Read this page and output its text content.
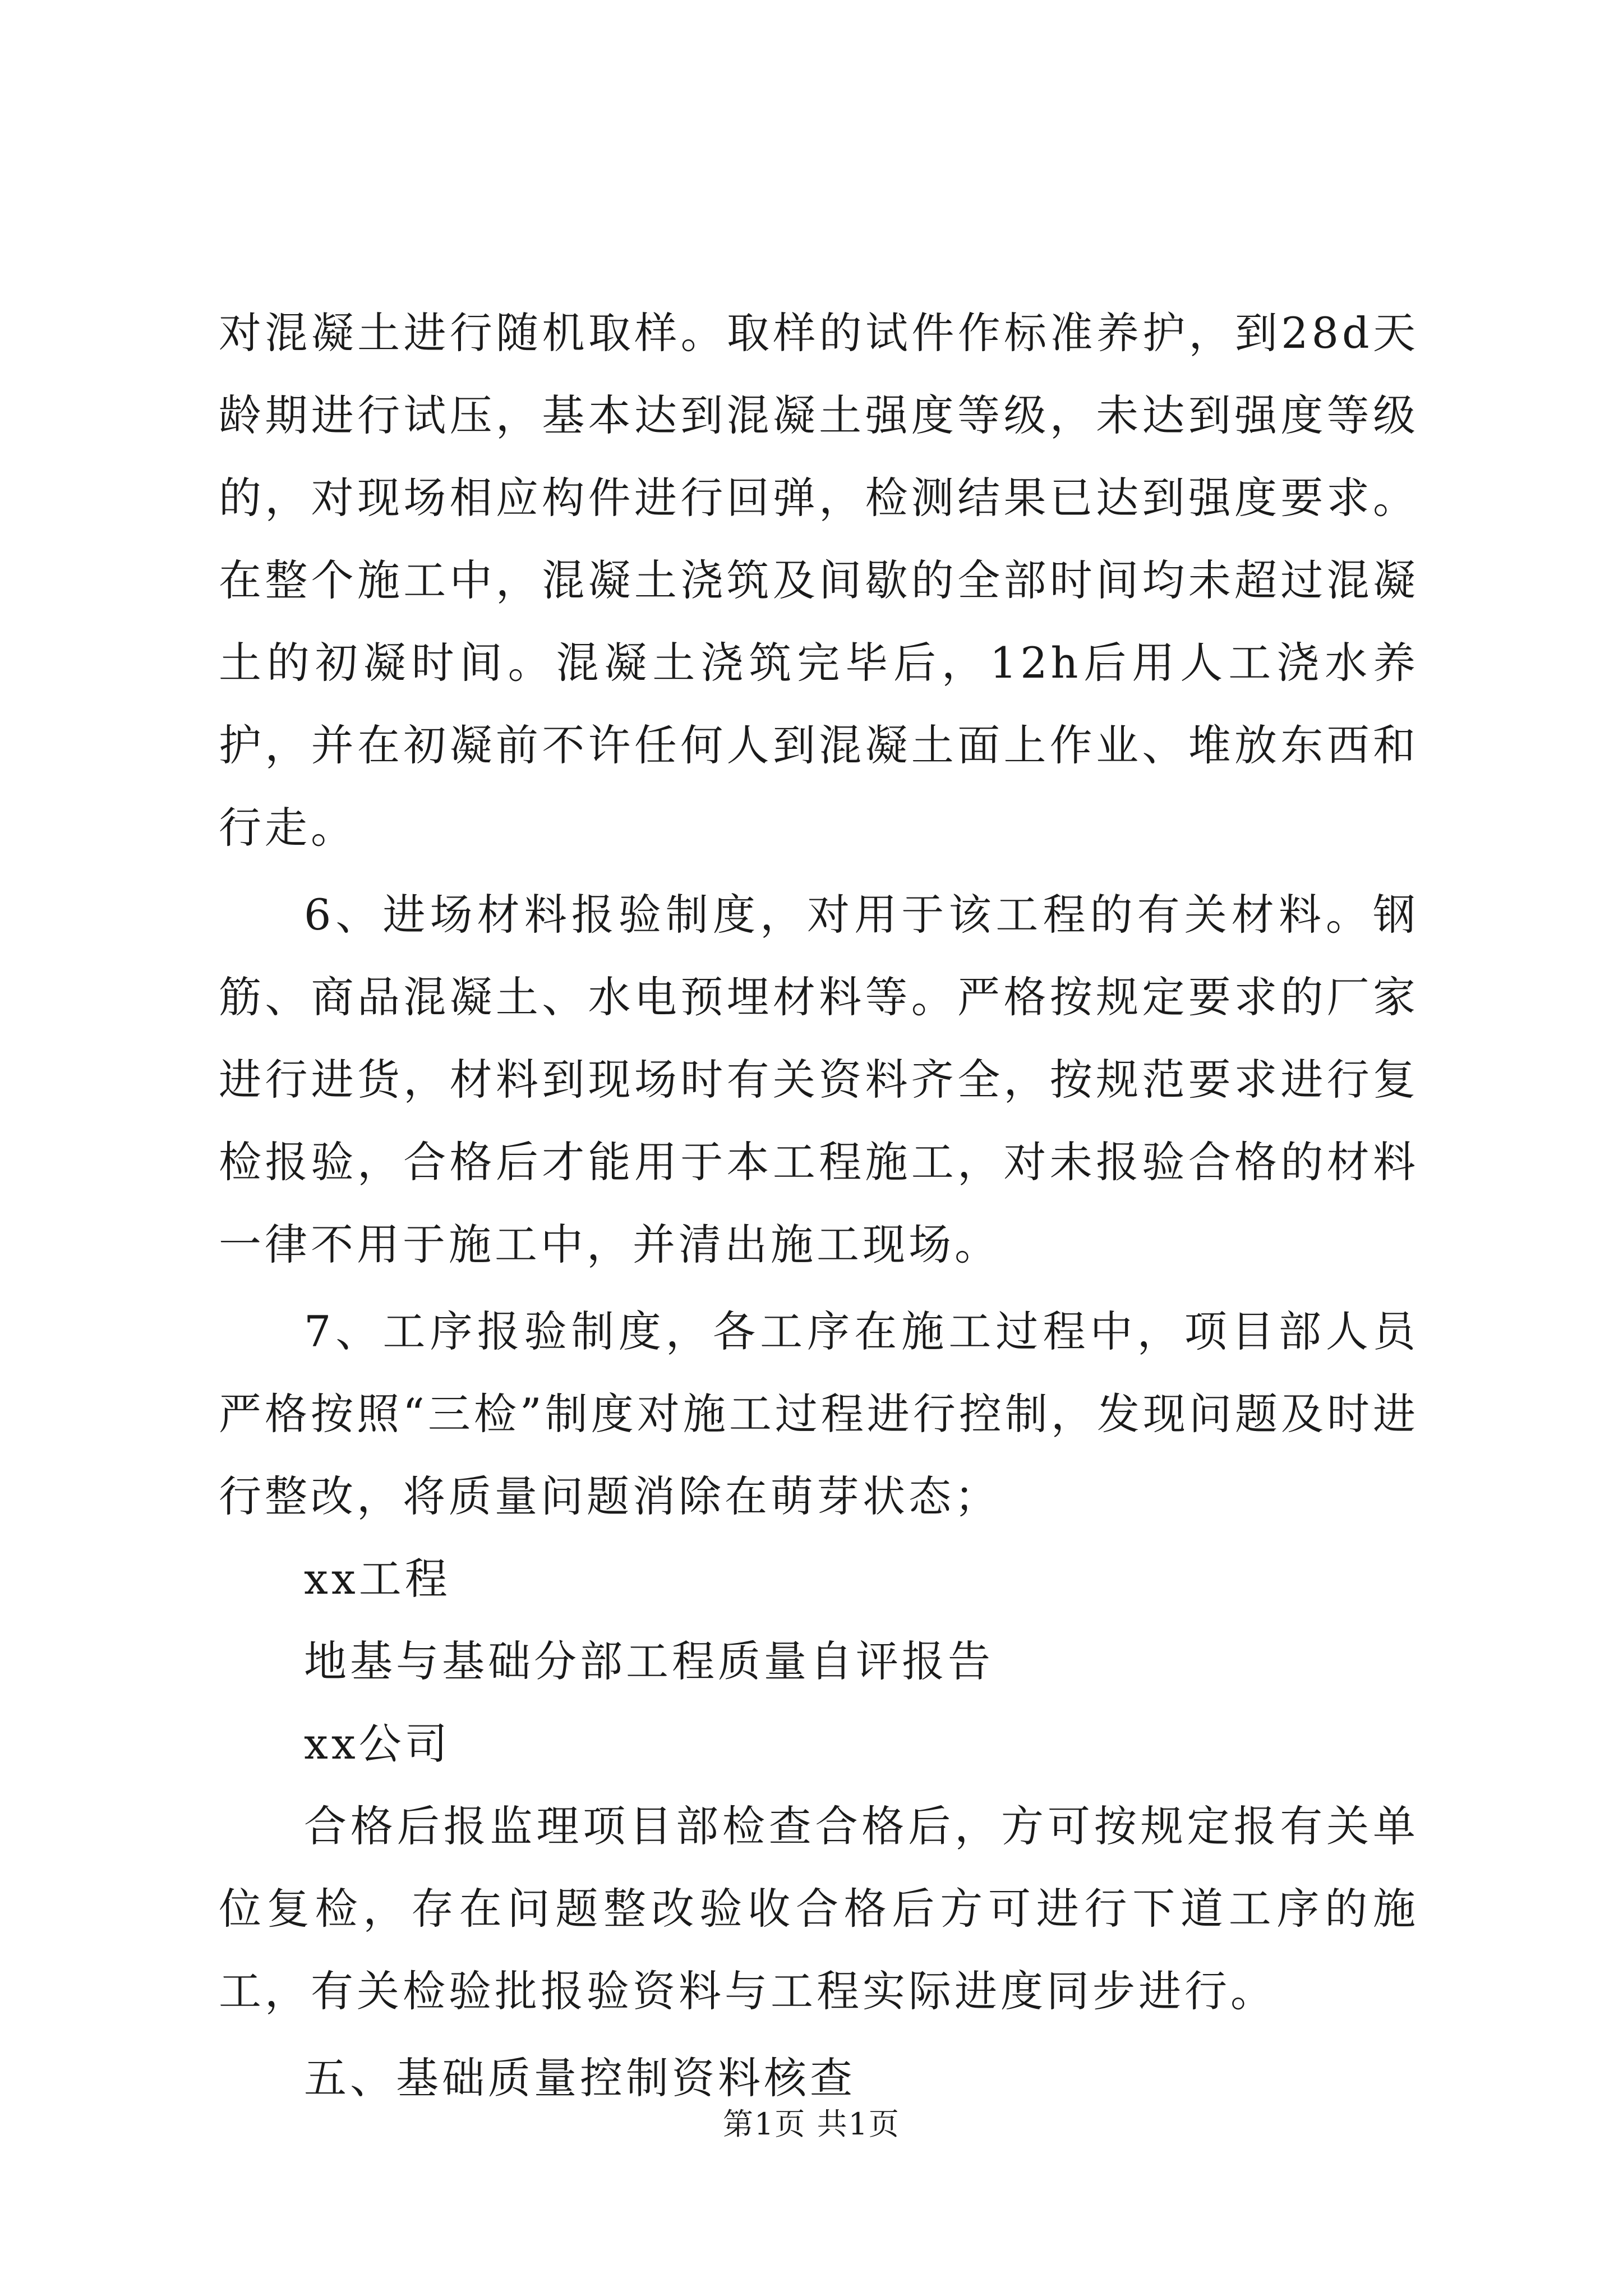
对混凝土进行随机取样。取样的试件作标准养护，到28d天龄期进行试压，基本达到混凝土强度等级，未达到强度等级的，对现场相应构件进行回弹，检测结果已达到强度要求。在整个施工中，混凝土浇筑及间歇的全部时间均未超过混凝土的初凝时间。混凝土浇筑完毕后，12h后用人工浇水养护，并在初凝前不许任何人到混凝土面上作业、堆放东西和行走。

6、进场材料报验制度，对用于该工程的有关材料。钢筋、商品混凝土、水电预埋材料等。严格按规定要求的厂家进行进货，材料到现场时有关资料齐全，按规范要求进行复检报验，合格后才能用于本工程施工，对未报验合格的材料一律不用于施工中，并清出施工现场。

7、工序报验制度，各工序在施工过程中，项目部人员严格按照“三检”制度对施工过程进行控制，发现问题及时进行整改，将质量问题消除在萌芽状态；

xx工程

地基与基础分部工程质量自评报告

xx公司

合格后报监理项目部检查合格后，方可按规定报有关单位复检，存在问题整改验收合格后方可进行下道工序的施工，有关检验批报验资料与工程实际进度同步进行。

五、基础质量控制资料核查

第1页 共1页
